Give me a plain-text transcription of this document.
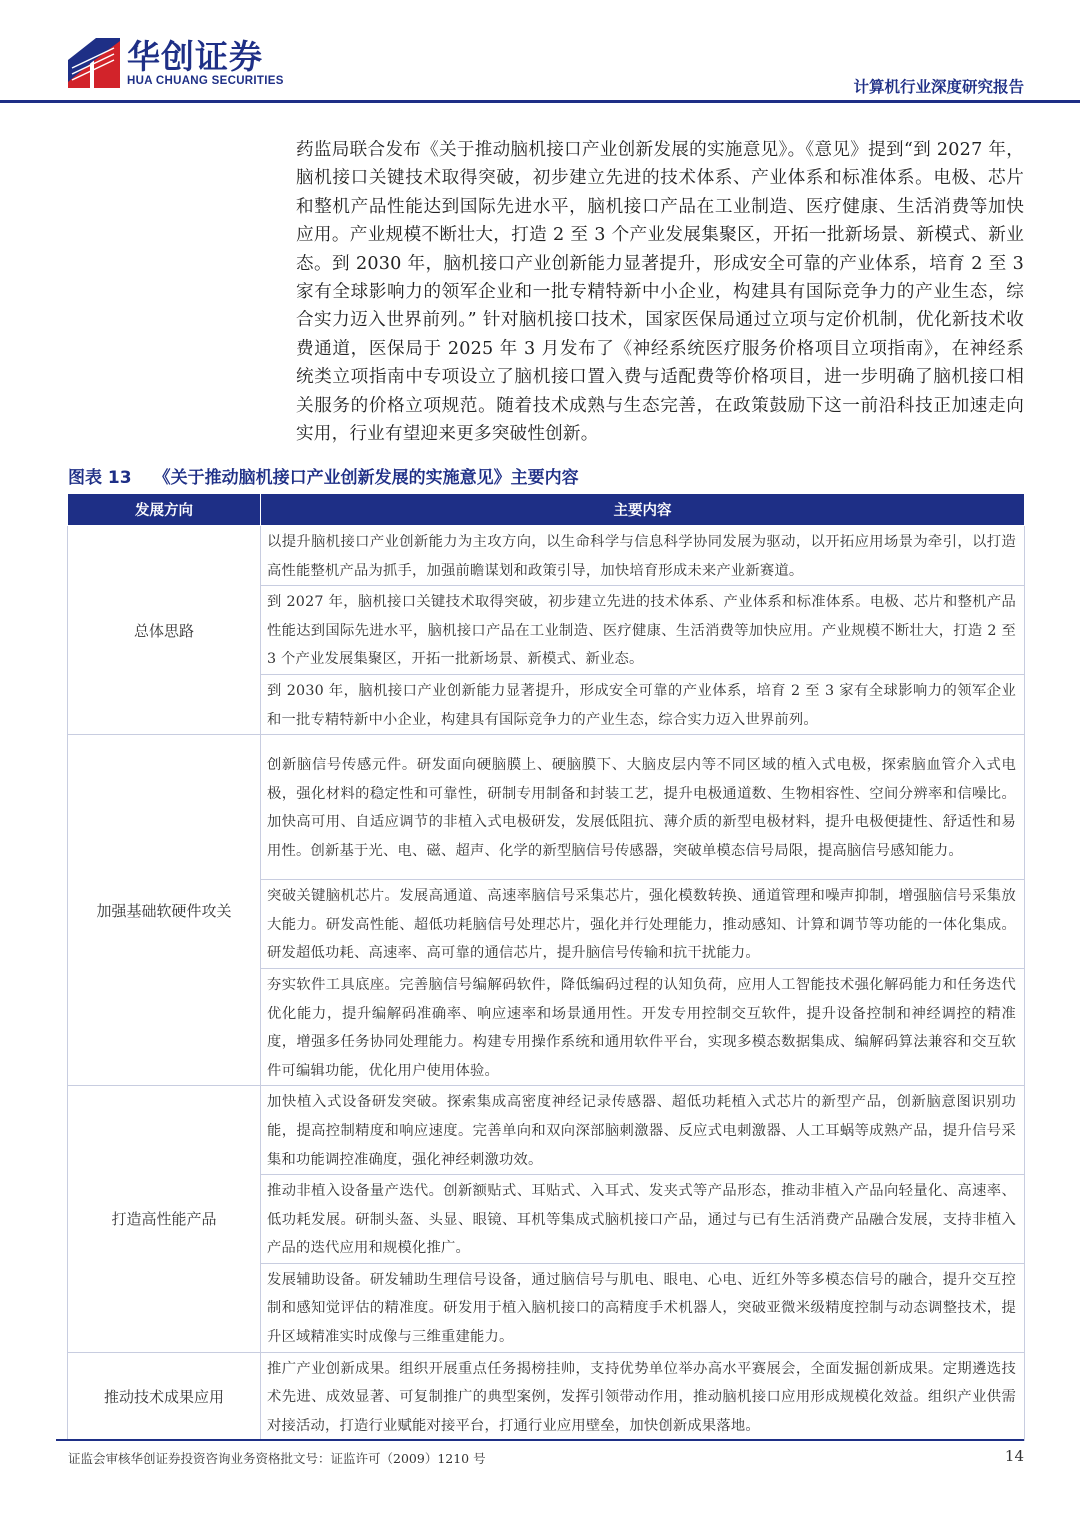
华创证券
HUA CHUANG SECURITIES	计算机行业深度研究报告
药监局联合发布《关于推动脑机接口产业创新发展的实施意见》。《意见》提到“到 2027 年，脑机接口关键技术取得突破，初步建立先进的技术体系、产业体系和标准体系。电极、芯片和整机产品性能达到国际先进水平，脑机接口产品在工业制造、医疗健康、生活消费等加快应用。产业规模不断壮大，打造 2 至 3 个产业发展集聚区，开拓一批新场景、新模式、新业态。到 2030 年，脑机接口产业创新能力显著提升，形成安全可靠的产业体系，培育 2 至 3 家有全球影响力的领军企业和一批专精特新中小企业，构建具有国际竞争力的产业生态，综合实力迈入世界前列。” 针对脑机接口技术，国家医保局通过立项与定价机制，优化新技术收费通道，医保局于 2025 年 3 月发布了《神经系统医疗服务价格项目立项指南》，在神经系统类立项指南中专项设立了脑机接口置入费与适配费等价格项目，进一步明确了脑机接口相关服务的价格立项规范。随着技术成熟与生态完善，在政策鼓励下这一前沿科技正加速走向实用，行业有望迎来更多突破性创新。
图表 13 《关于推动脑机接口产业创新发展的实施意见》主要内容
发展方向	主要内容
总体思路	以提升脑机接口产业创新能力为主攻方向，以生命科学与信息科学协同发展为驱动，以开拓应用场景为牵引，以打造高性能整机产品为抓手，加强前瞻谋划和政策引导，加快培育形成未来产业新赛道。
	到 2027 年，脑机接口关键技术取得突破，初步建立先进的技术体系、产业体系和标准体系。电极、芯片和整机产品性能达到国际先进水平，脑机接口产品在工业制造、医疗健康、生活消费等加快应用。产业规模不断壮大，打造 2 至 3 个产业发展集聚区，开拓一批新场景、新模式、新业态。
	到 2030 年，脑机接口产业创新能力显著提升，形成安全可靠的产业体系，培育 2 至 3 家有全球影响力的领军企业和一批专精特新中小企业，构建具有国际竞争力的产业生态，综合实力迈入世界前列。
加强基础软硬件攻关	创新脑信号传感元件。研发面向硬脑膜上、硬脑膜下、大脑皮层内等不同区域的植入式电极，探索脑血管介入式电极，强化材料的稳定性和可靠性，研制专用制备和封装工艺，提升电极通道数、生物相容性、空间分辨率和信噪比。加快高可用、自适应调节的非植入式电极研发，发展低阻抗、薄介质的新型电极材料，提升电极便捷性、舒适性和易用性。创新基于光、电、磁、超声、化学的新型脑信号传感器，突破单模态信号局限，提高脑信号感知能力。
	突破关键脑机芯片。发展高通道、高速率脑信号采集芯片，强化模数转换、通道管理和噪声抑制，增强脑信号采集放大能力。研发高性能、超低功耗脑信号处理芯片，强化并行处理能力，推动感知、计算和调节等功能的一体化集成。研发超低功耗、高速率、高可靠的通信芯片，提升脑信号传输和抗干扰能力。
	夯实软件工具底座。完善脑信号编解码软件，降低编码过程的认知负荷，应用人工智能技术强化解码能力和任务迭代优化能力，提升编解码准确率、响应速率和场景通用性。开发专用控制交互软件，提升设备控制和神经调控的精准度，增强多任务协同处理能力。构建专用操作系统和通用软件平台，实现多模态数据集成、编解码算法兼容和交互软件可编辑功能，优化用户使用体验。
打造高性能产品	加快植入式设备研发突破。探索集成高密度神经记录传感器、超低功耗植入式芯片的新型产品，创新脑意图识别功能，提高控制精度和响应速度。完善单向和双向深部脑刺激器、反应式电刺激器、人工耳蜗等成熟产品，提升信号采集和功能调控准确度，强化神经刺激功效。
	推动非植入设备量产迭代。创新额贴式、耳贴式、入耳式、发夹式等产品形态，推动非植入产品向轻量化、高速率、低功耗发展。研制头盔、头显、眼镜、耳机等集成式脑机接口产品，通过与已有生活消费产品融合发展，支持非植入产品的迭代应用和规模化推广。
	发展辅助设备。研发辅助生理信号设备，通过脑信号与肌电、眼电、心电、近红外等多模态信号的融合，提升交互控制和感知觉评估的精准度。研发用于植入脑机接口的高精度手术机器人，突破亚微米级精度控制与动态调整技术，提升区域精准实时成像与三维重建能力。
推动技术成果应用	推广产业创新成果。组织开展重点任务揭榜挂帅，支持优势单位举办高水平赛展会，全面发掘创新成果。定期遴选技术先进、成效显著、可复制推广的典型案例，发挥引领带动作用，推动脑机接口应用形成规模化效益。组织产业供需对接活动，打造行业赋能对接平台，打通行业应用壁垒，加快创新成果落地。
证监会审核华创证券投资咨询业务资格批文号：证监许可（2009）1210 号	14
